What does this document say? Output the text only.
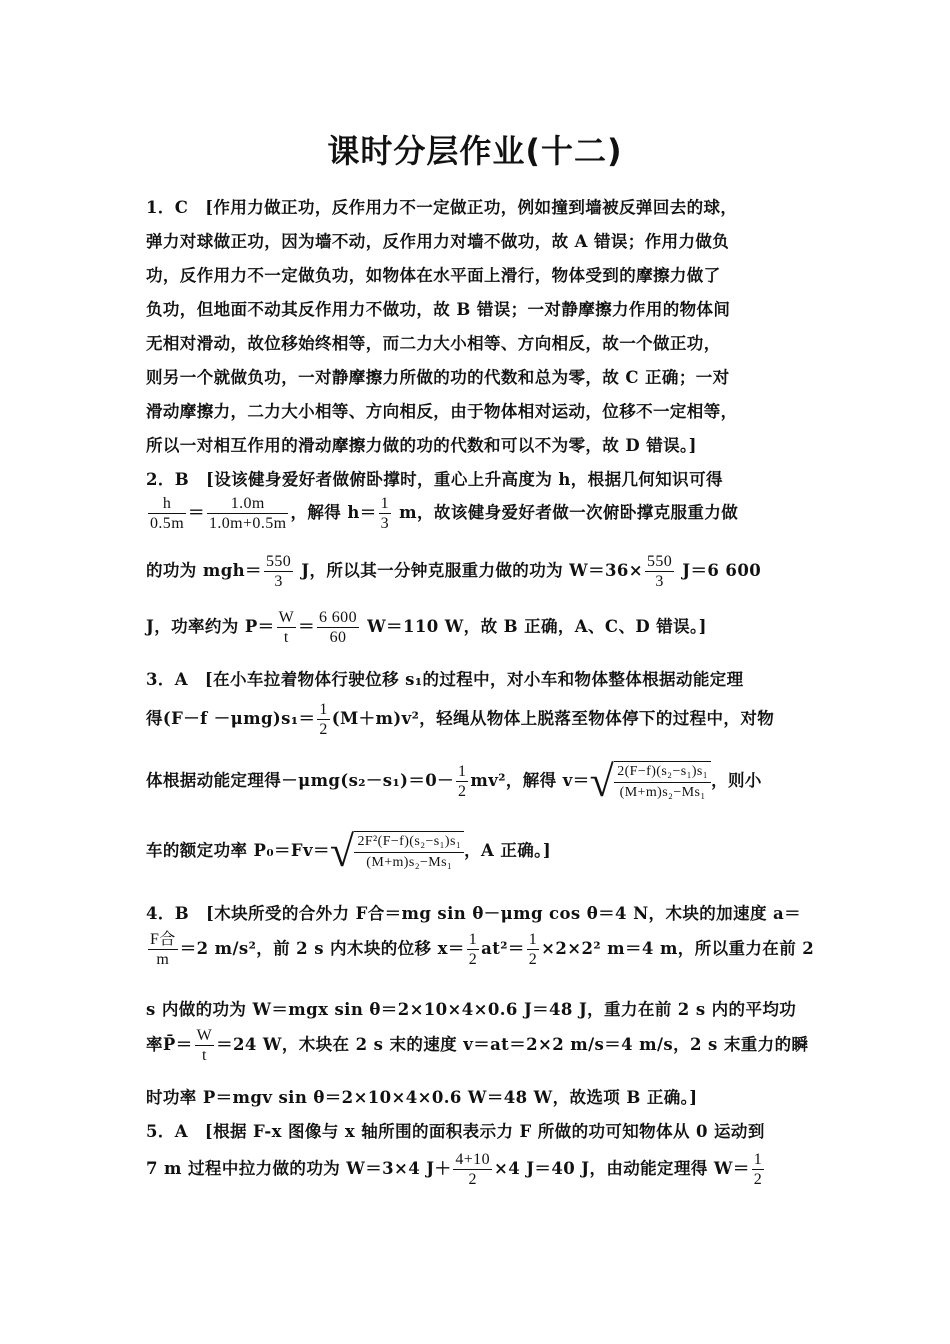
课时分层作业(十二)
1．C　[作用力做正功，反作用力不一定做正功，例如撞到墙被反弹回去的球，
弹力对球做正功，因为墙不动，反作用力对墙不做功，故 A 错误；作用力做负
功，反作用力不一定做负功，如物体在水平面上滑行，物体受到的摩擦力做了
负功，但地面不动其反作用力不做功，故 B 错误；一对静摩擦力作用的物体间
无相对滑动，故位移始终相等，而二力大小相等、方向相反，故一个做正功，
则另一个就做负功，一对静摩擦力所做的功的代数和总为零，故 C 正确；一对
滑动摩擦力，二力大小相等、方向相反，由于物体相对运动，位移不一定相等，
所以一对相互作用的滑动摩擦力做的功的代数和可以不为零，故 D 错误。]
2．B　[设该健身爱好者做俯卧撑时，重心上升高度为 h，根据几何知识可得
$\frac{h}{0.5m} = \frac{1.0m}{1.0m+0.5m}$ ，解得 $h= \frac{1}{3}$ m，故该健身爱好者做一次俯卧撑克服重力做
的功为 $mgh= \frac{550}{3}$ J，所以其一分钟克服重力做的功为 $W=36\times \frac{550}{3} J=6$ 600
J，功率约为 $P= \frac{W}{t} = \frac{6 600}{60} W=110$ W，故 B 正确，A、C、D 错误。]
3．A　[在小车拉着物体行驶位移 s₁的过程中，对小车和物体整体根据动能定理
得$(F-f -\mu mg)s_1= \frac{1}{2} (M+m)v^2$，轻绳从物体上脱落至物体停下的过程中，对物
体根据动能定理得$-\mu mg(s_2-s_1)=0- \frac{1}{2} mv^2$，解得 $v=√ \frac{\text{2(F−f)(s₂−s₁)s₁}}{\text{(M+m)s₂−Ms₁}}$ ，则小
车的额定功率 $P_0=Fv=√ \frac{\text{2F²(F−f)(s₂−s₁)s₁}}{\text{(M+m)s₂−Ms₁}}$ ，A 正确。]
4．B　[木块所受的合外力 F合＝mg sin θ－μmg cos θ＝4 N，木块的加速度 a＝
F合
m
＝2 m/s²，前 2 s 内木块的位移 $x= \frac{1}{2} at^2= \frac{1}{2} \times 2\times 2^2$ m＝4 m，所以重力在前 2
s 内做的功为 W＝mgx sin θ＝2×10×4×0.6 J＝48 J，重力在前 2 s 内的平均功
率P̄＝ $\frac{W}{t} =24$ W，木块在 2 s 末的速度 v＝at＝2×2 m/s＝4 m/s，2 s 末重力的瞬
时功率 P＝mgv sin θ＝2×10×4×0.6 W＝48 W，故选项 B 正确。]
5．A　[根据 F-x 图像与 x 轴所围的面积表示力 F 所做的功可知物体从 0 运动到
7 m 过程中拉力做的功为 W＝3×4 $J+ \frac{4+10}{2} \times 4$ J＝40 J，由动能定理得 $W= \frac{1}{2}$
